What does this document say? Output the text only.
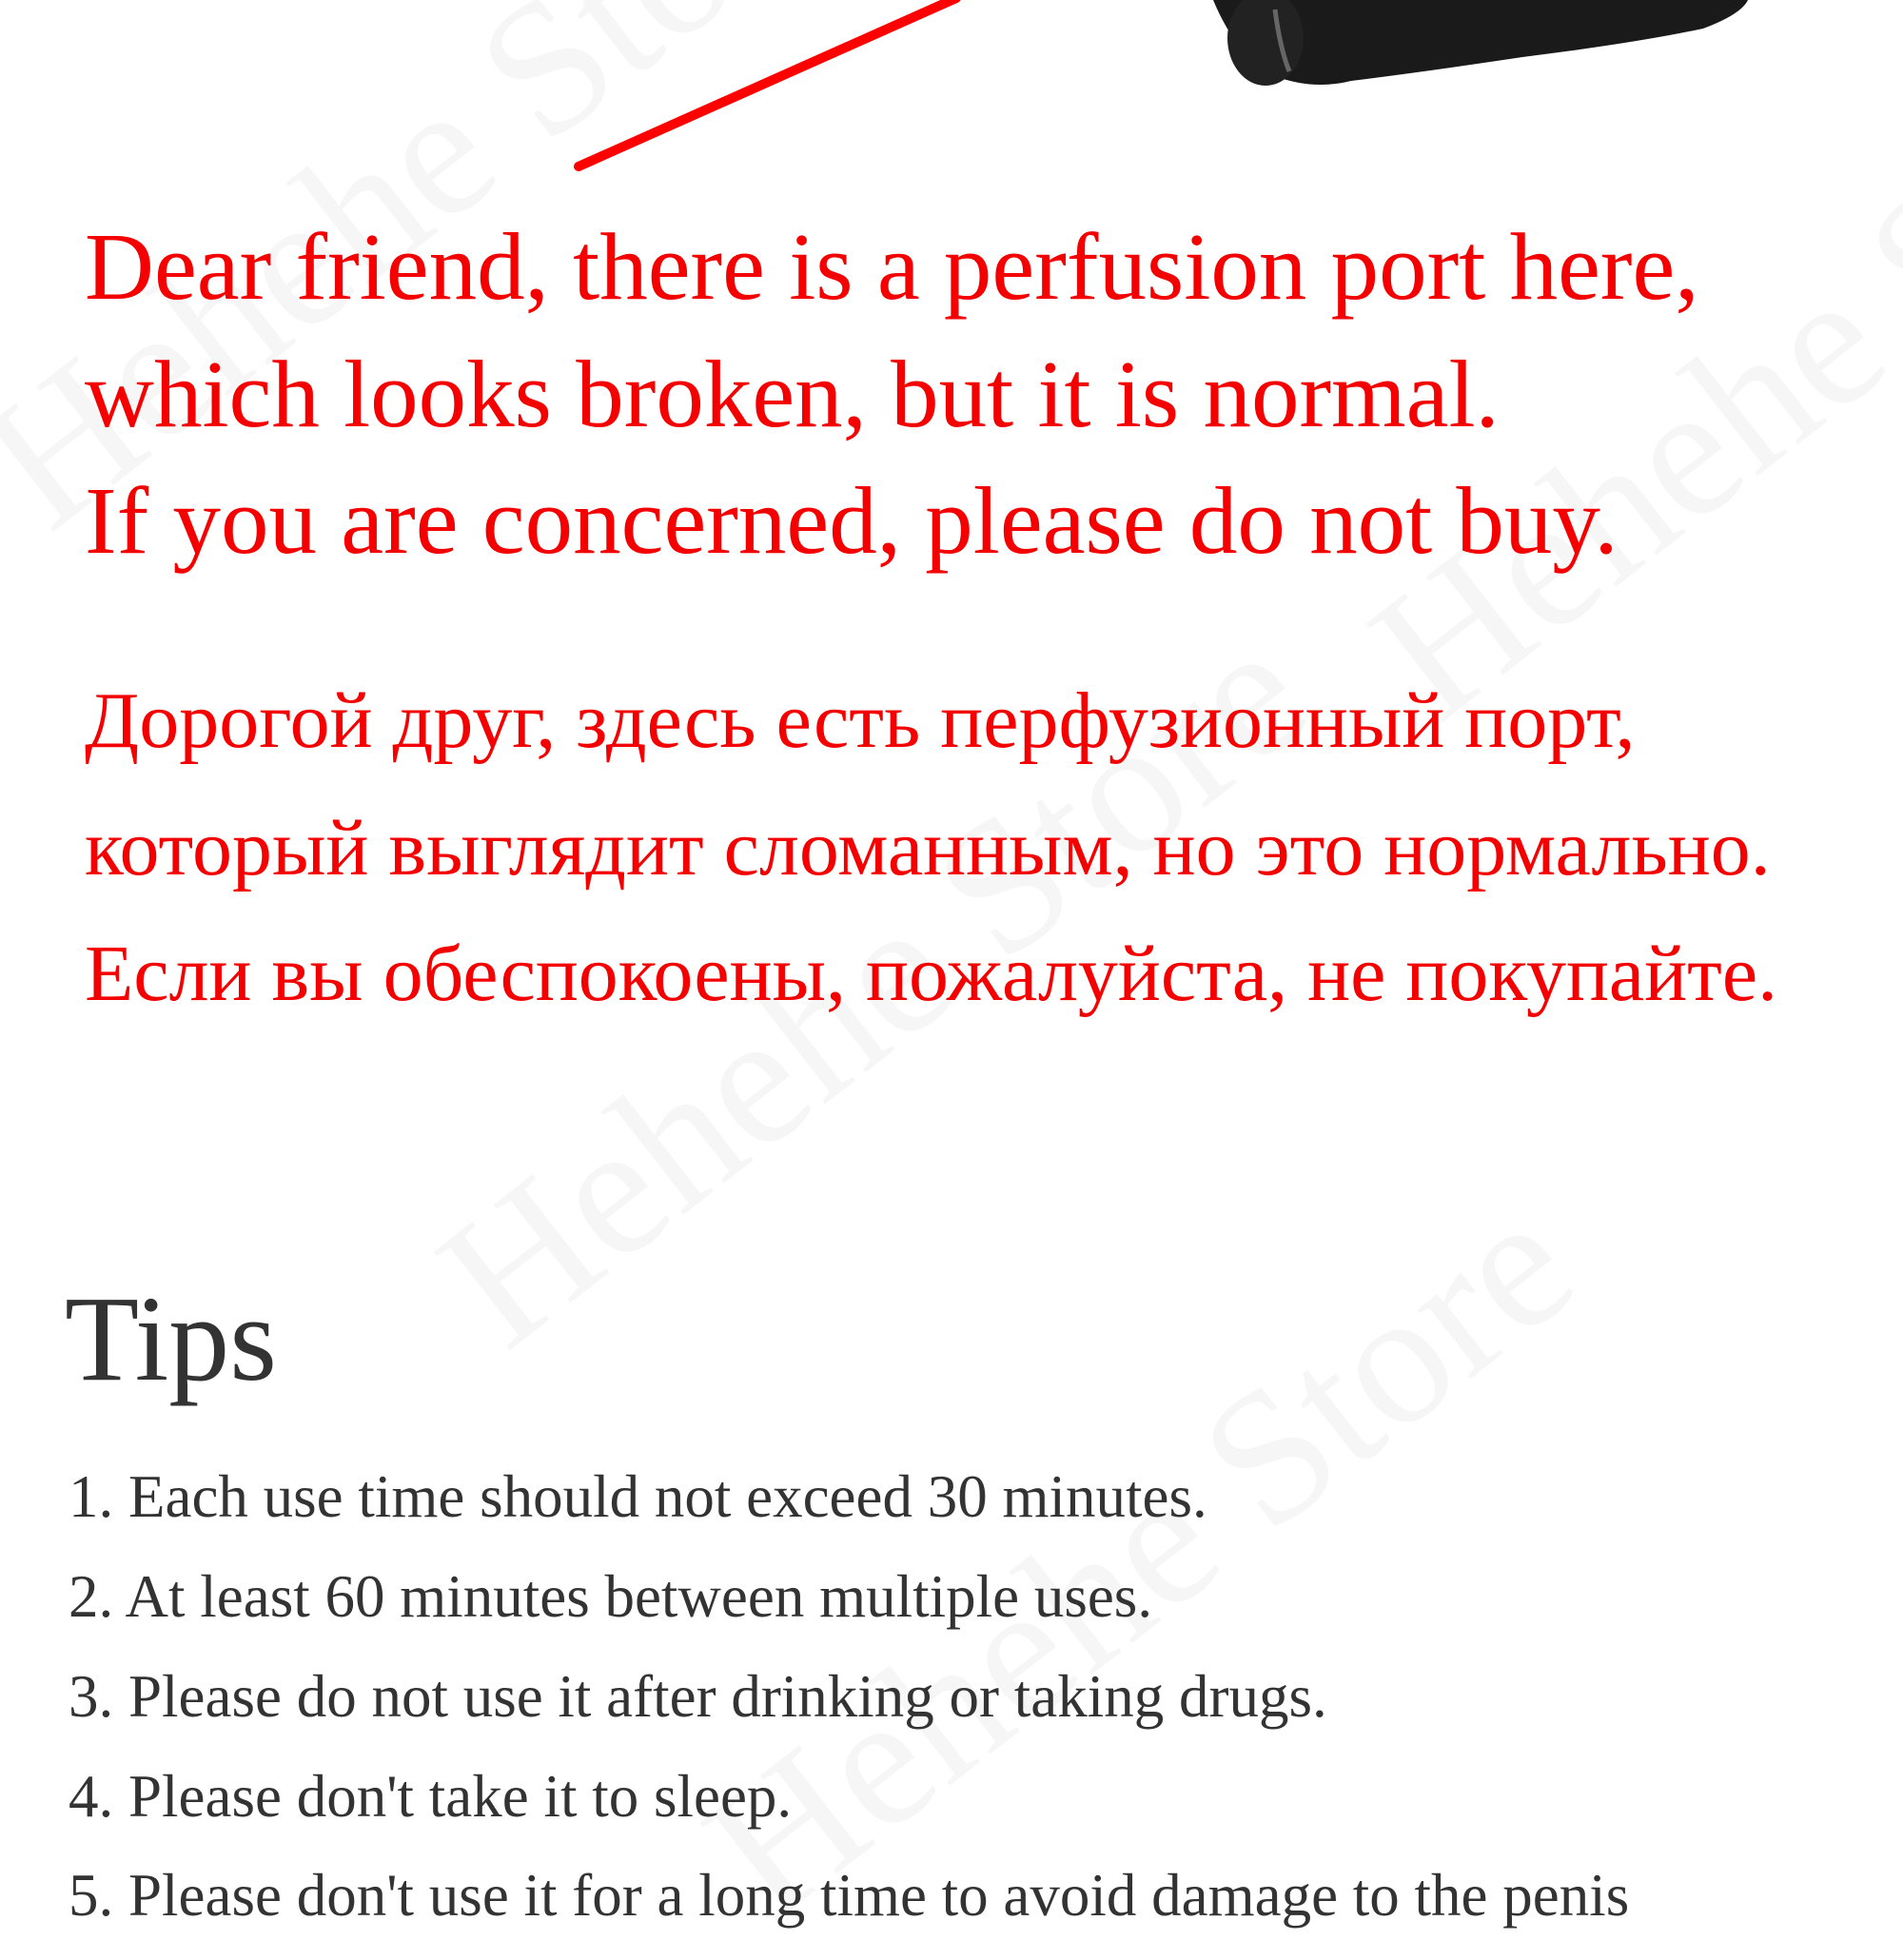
Dear friend, there is a perfusion port here,
which looks broken, but it is normal.
If you are concerned, please do not buy.
Дорогой друг, здесь есть перфузионный порт,
который выглядит сломанным, но это нормально.
Если вы обеспокоены, пожалуйста, не покупайте.
Tips
1. Each use time should not exceed 30 minutes.
2. At least 60 minutes between multiple uses.
3. Please do not use it after drinking or taking drugs.
4. Please don't take it to sleep.
5. Please don't use it for a long time to avoid damage to the penis
